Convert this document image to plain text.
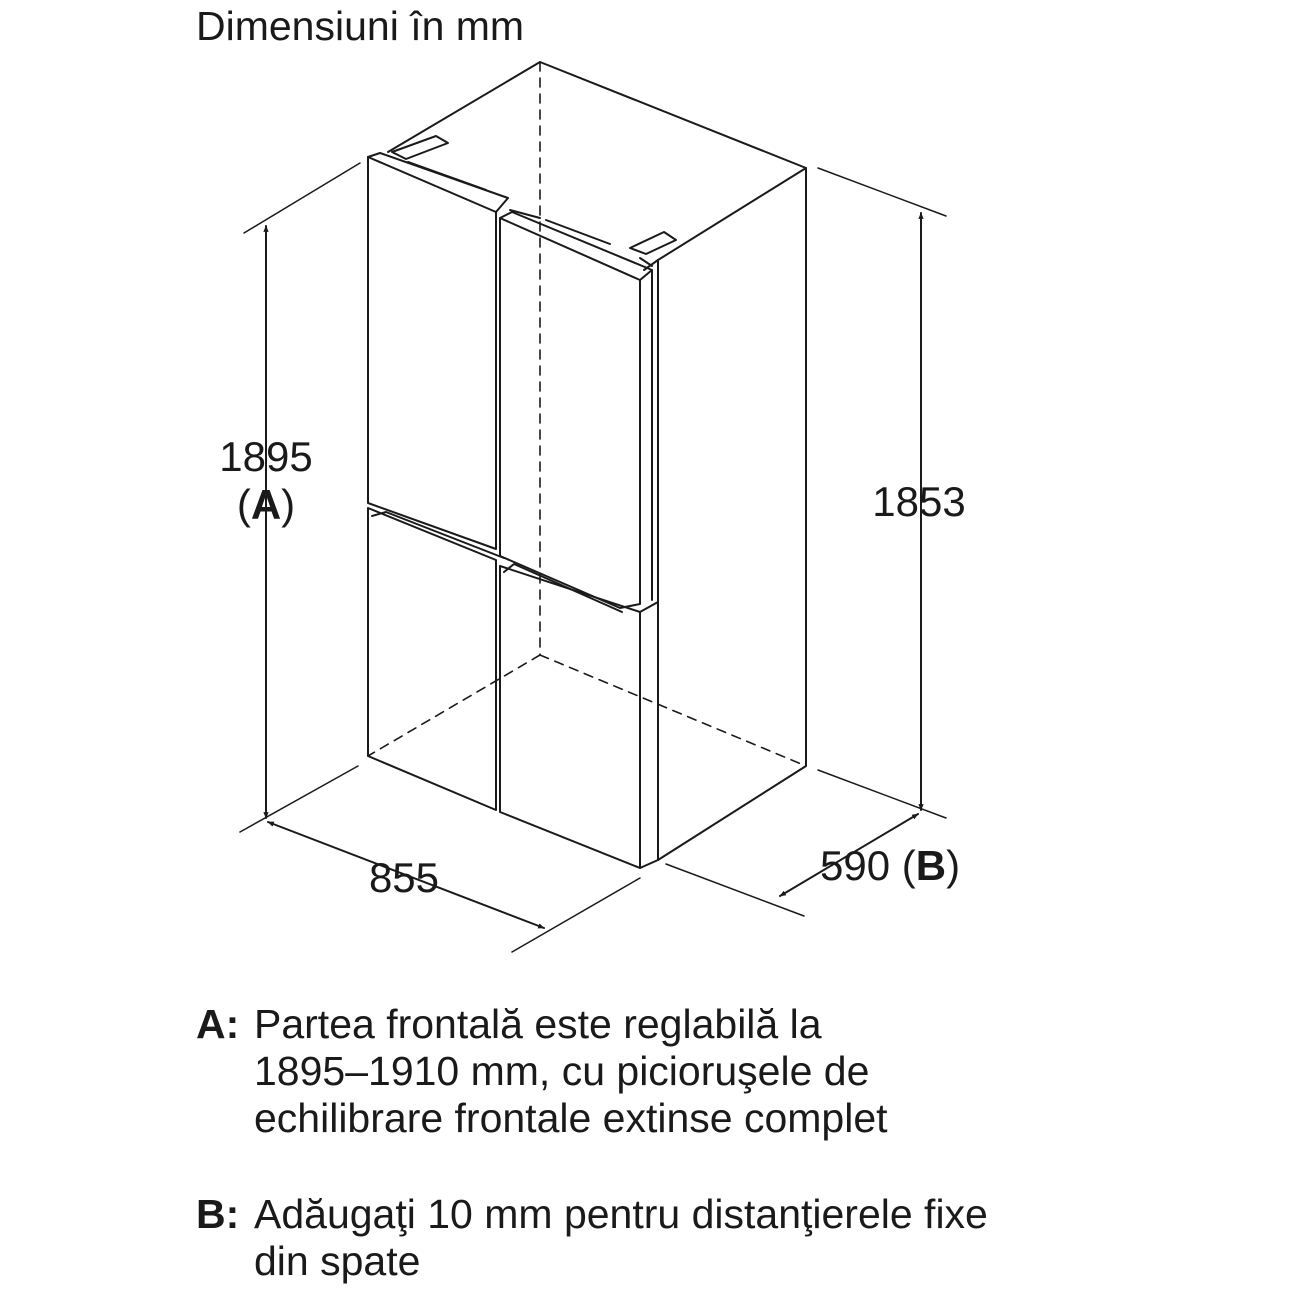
Dimensiuni în mm
1895
(A)	1853
855	590 (B)
A: Partea frontală este reglabilă la
1895–1910 mm, cu picioruşele de
echilibrare frontale extinse complet
B: Adăugaţi 10 mm pentru distanţierele fixe
din spate
